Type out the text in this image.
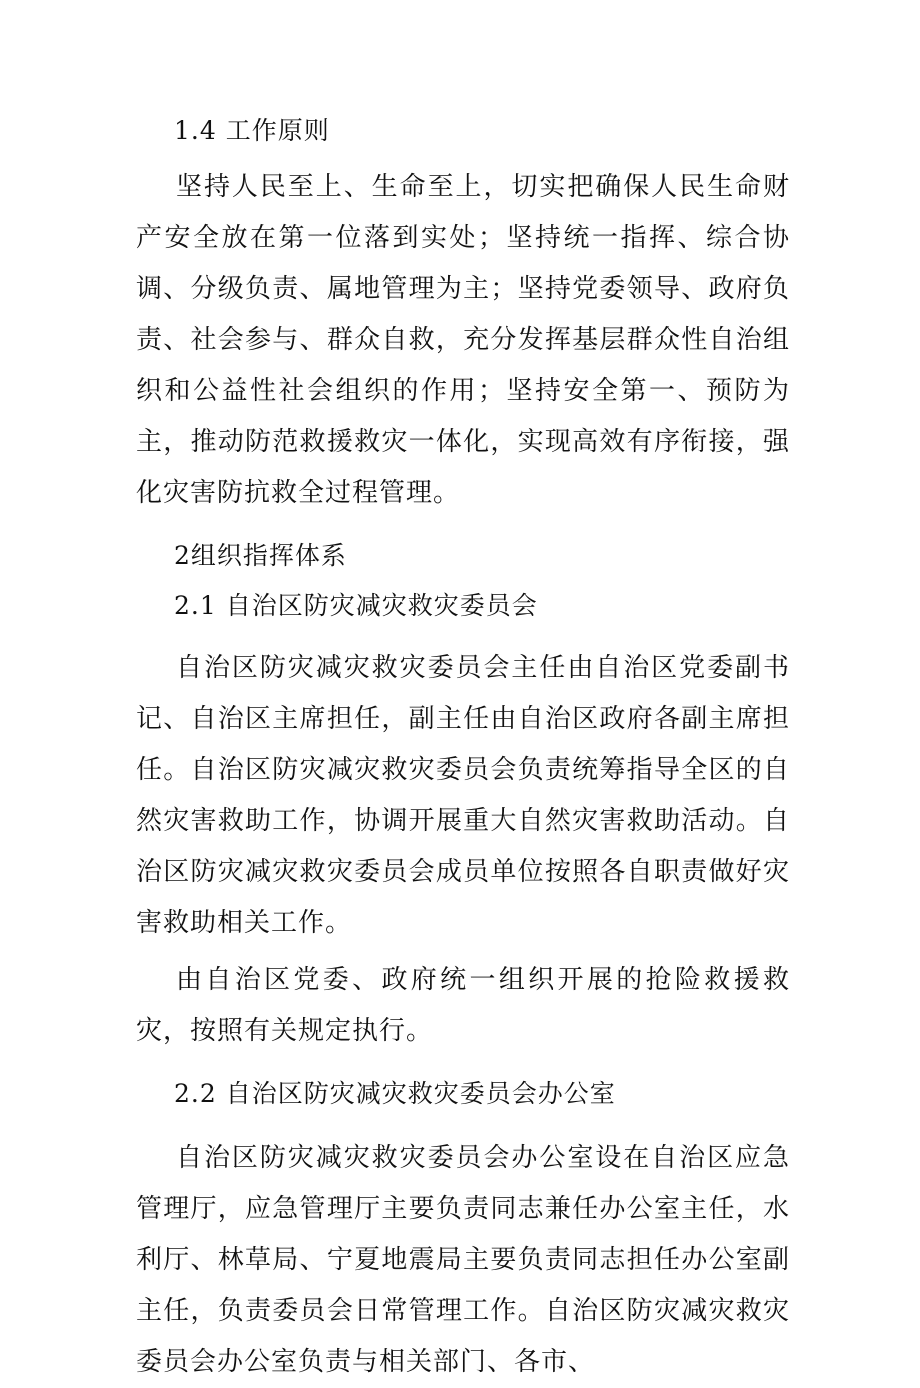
1.4 工作原则

坚持人民至上、生命至上，切实把确保人民生命财产安全放在第一位落到实处；坚持统一指挥、综合协调、分级负责、属地管理为主；坚持党委领导、政府负责、社会参与、群众自救，充分发挥基层群众性自治组织和公益性社会组织的作用；坚持安全第一、预防为主，推动防范救援救灾一体化，实现高效有序衔接，强化灾害防抗救全过程管理。

2组织指挥体系

2.1 自治区防灾减灾救灾委员会

自治区防灾减灾救灾委员会主任由自治区党委副书记、自治区主席担任，副主任由自治区政府各副主席担任。自治区防灾减灾救灾委员会负责统筹指导全区的自然灾害救助工作，协调开展重大自然灾害救助活动。自治区防灾减灾救灾委员会成员单位按照各自职责做好灾害救助相关工作。

由自治区党委、政府统一组织开展的抢险救援救灾，按照有关规定执行。

2.2 自治区防灾减灾救灾委员会办公室

自治区防灾减灾救灾委员会办公室设在自治区应急管理厅，应急管理厅主要负责同志兼任办公室主任，水利厅、林草局、宁夏地震局主要负责同志担任办公室副主任，负责委员会日常管理工作。自治区防灾减灾救灾委员会办公室负责与相关部门、各市、
